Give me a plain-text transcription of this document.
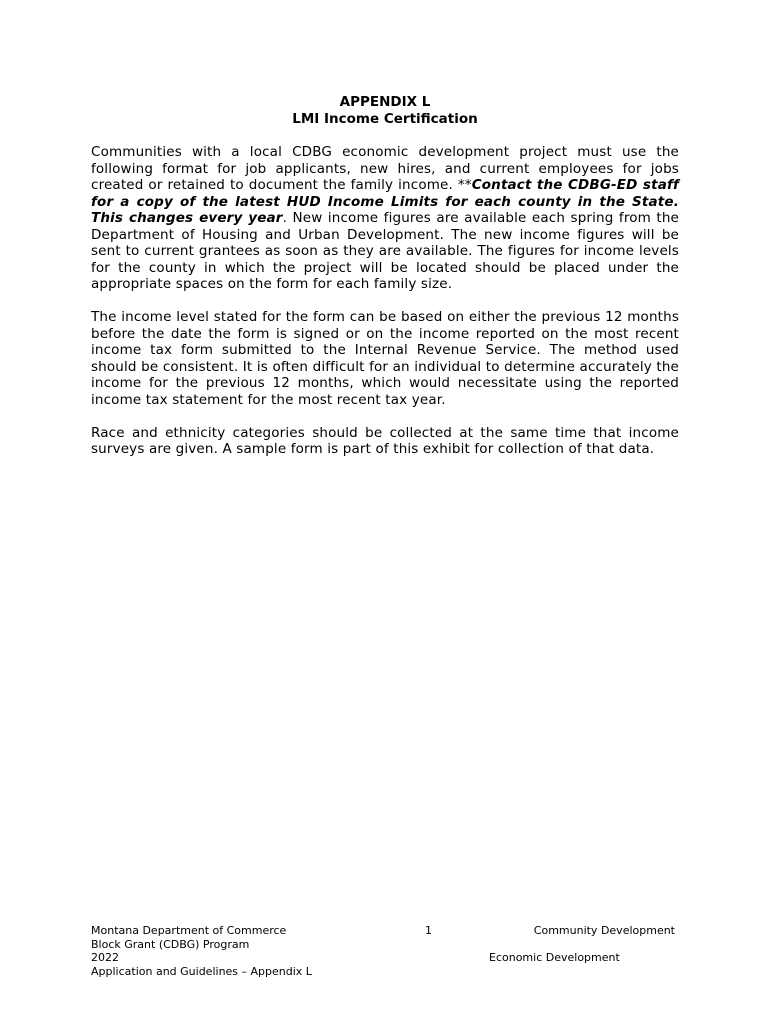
APPENDIX L
LMI Income Certification

Communities with a local CDBG economic development project must use the following format for job applicants, new hires, and current employees for jobs created or retained to document the family income. **Contact the CDBG-ED staff for a copy of the latest HUD Income Limits for each county in the State. This changes every year. New income figures are available each spring from the Department of Housing and Urban Development. The new income figures will be sent to current grantees as soon as they are available. The figures for income levels for the county in which the project will be located should be placed under the appropriate spaces on the form for each family size.

The income level stated for the form can be based on either the previous 12 months before the date the form is signed or on the income reported on the most recent income tax form submitted to the Internal Revenue Service. The method used should be consistent. It is often difficult for an individual to determine accurately the income for the previous 12 months, which would necessitate using the reported income tax statement for the most recent tax year.

Race and ethnicity categories should be collected at the same time that income surveys are given. A sample form is part of this exhibit for collection of that data.

Montana Department of Commerce
Block Grant (CDBG) Program
2022
Application and Guidelines – Appendix L
1	Community Development
Economic Development
